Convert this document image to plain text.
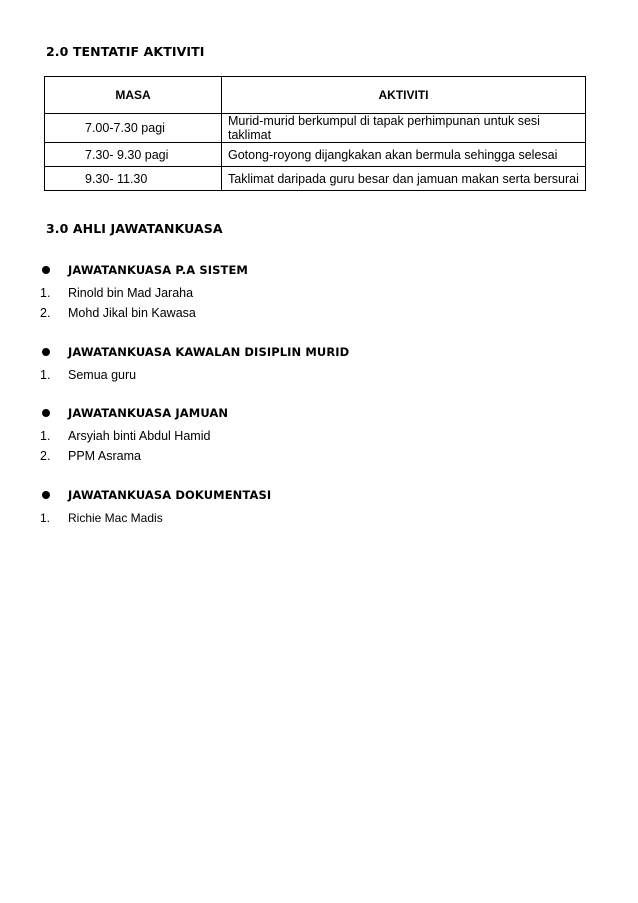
2.0 TENTATIF AKTIVITI
MASA	AKTIVITI
7.00-7.30 pagi	Murid-murid berkumpul di tapak perhimpunan untuk sesi taklimat
7.30- 9.30 pagi	Gotong-royong dijangkakan akan bermula sehingga selesai
9.30- 11.30	Taklimat daripada guru besar dan jamuan makan serta bersurai
3.0 AHLI JAWATANKUASA
JAWATANKUASA P.A SISTEM
1.	Rinold bin Mad Jaraha
2.	Mohd Jikal bin Kawasa
JAWATANKUASA KAWALAN DISIPLIN MURID
1.	Semua guru
JAWATANKUASA JAMUAN
1.	Arsyiah binti Abdul Hamid
2.	PPM Asrama
JAWATANKUASA DOKUMENTASI
1.	Richie Mac Madis
